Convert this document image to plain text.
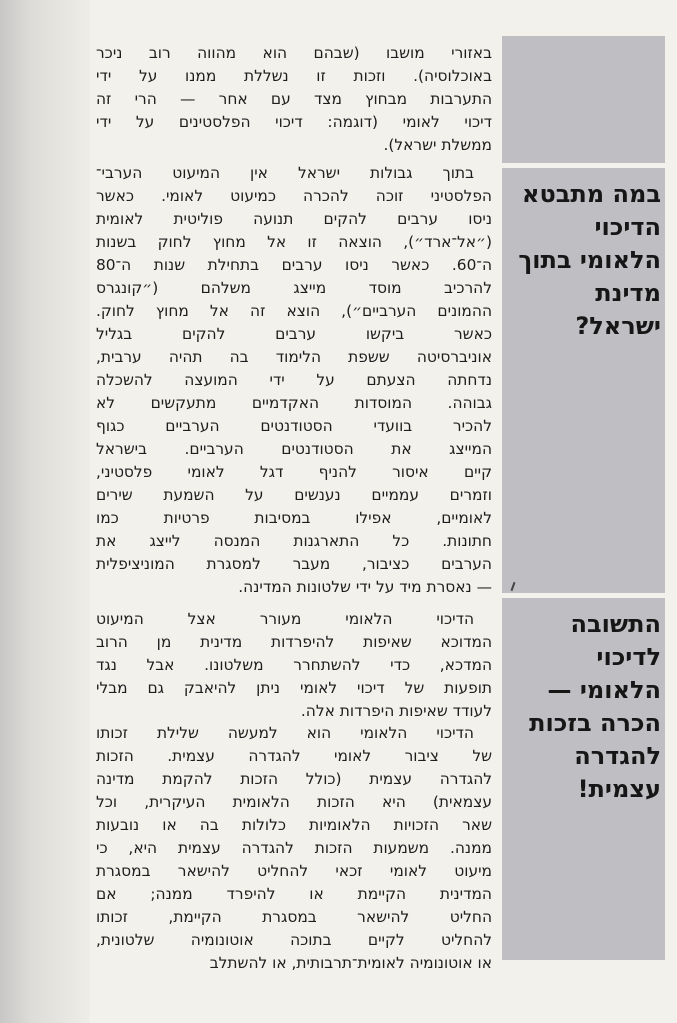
במה מתבטא הדיכוי הלאומי בתוך מדינת ישראל?
התשובה לדיכוי הלאומי — הכרה בזכות להגדרה עצמית!
באזורי מושבו (שבהם הוא מהווה רוב ניכר
באוכלוסיה). וזכות זו נשללת ממנו על ידי
התערבות מבחוץ מצד עם אחר — הרי זה
דיכוי לאומי (דוגמה: דיכוי הפלסטינים על ידי
ממשלת ישראל).
בתוך גבולות ישראל אין המיעוט הערבי־
הפלסטיני זוכה להכרה כמיעוט לאומי. כאשר
ניסו ערבים להקים תנועה פוליטית לאומית
(״אל־ארד״), הוצאה זו אל מחוץ לחוק בשנות
ה־60. כאשר ניסו ערבים בתחילת שנות ה־80
להרכיב מוסד מייצג משלהם (״קונגרס
ההמונים הערביים״), הוצא זה אל מחוץ לחוק.
כאשר ביקשו ערבים להקים בגליל
אוניברסיטה ששפת הלימוד בה תהיה ערבית,
נדחתה הצעתם על ידי המועצה להשכלה
גבוהה. המוסדות האקדמיים מתעקשים לא
להכיר בוועדי הסטודנטים הערביים כגוף
המייצג את הסטודנטים הערביים. בישראל
קיים איסור להניף דגל לאומי פלסטיני,
וזמרים עממיים נענשים על השמעת שירים
לאומיים, אפילו במסיבות פרטיות כמו
חתונות. כל התארגנות המנסה לייצג את
הערבים כציבור, מעבר למסגרת המוניציפלית
— נאסרת מיד על ידי שלטונות המדינה.
הדיכוי הלאומי מעורר אצל המיעוט
המדוכא שאיפות להיפרדות מדינית מן הרוב
המדכא, כדי להשתחרר משלטונו. אבל נגד
תופעות של דיכוי לאומי ניתן להיאבק גם מבלי
לעודד שאיפות היפרדות אלה.
הדיכוי הלאומי הוא למעשה שלילת זכותו
של ציבור לאומי להגדרה עצמית. הזכות
להגדרה עצמית (כולל הזכות להקמת מדינה
עצמאית) היא הזכות הלאומית העיקרית, וכל
שאר הזכויות הלאומיות כלולות בה או נובעות
ממנה. משמעות הזכות להגדרה עצמית היא, כי
מיעוט לאומי זכאי להחליט להישאר במסגרת
המדינית הקיימת או להיפרד ממנה; אם
החליט להישאר במסגרת הקיימת, זכותו
להחליט לקיים בתוכה אוטונומיה שלטונית,
או אוטונומיה לאומית־תרבותית, או להשתלב
